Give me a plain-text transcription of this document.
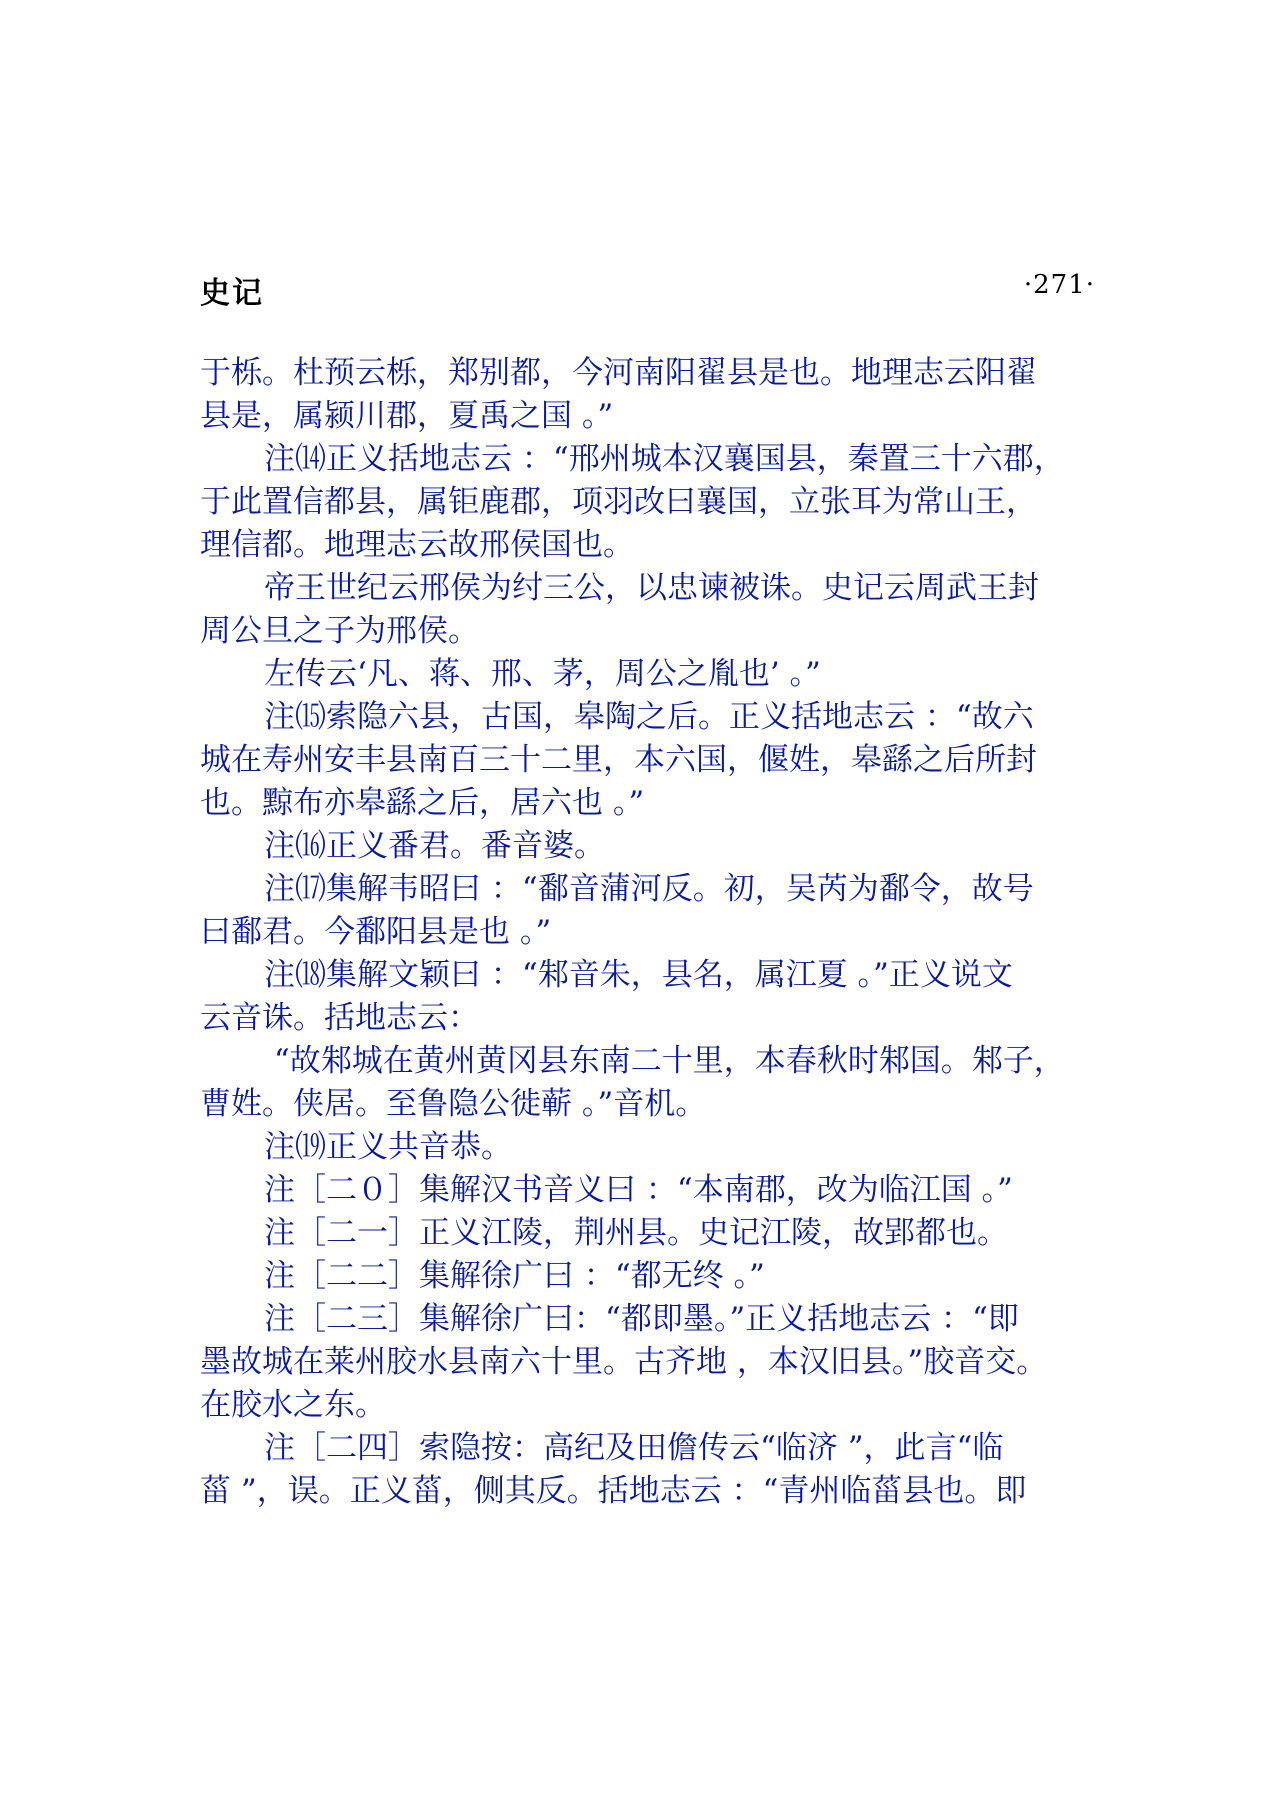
史记	·271·
于栎。杜预云栎，郑别都，今河南阳翟县是也。地理志云阳翟
县是，属颍川郡，夏禹之国 。”
注⒁正义括地志云 ：“邢州城本汉襄国县，秦置三十六郡，
于此置信都县，属钜鹿郡，项羽改曰襄国，立张耳为常山王，
理信都。地理志云故邢侯国也。
帝王世纪云邢侯为纣三公，以忠谏被诛。史记云周武王封
周公旦之子为邢侯。
左传云‘凡、蒋、邢、茅，周公之胤也’ 。”
注⒂索隐六县，古国，皋陶之后。正义括地志云 ：“故六
城在寿州安丰县南百三十二里，本六国，偃姓，皋繇之后所封
也。黥布亦皋繇之后，居六也 。”
注⒃正义番君。番音婆。
注⒄集解韦昭曰 ：“鄱音蒲河反。初，吴芮为鄱令，故号
曰鄱君。今鄱阳县是也 。”
注⒅集解文颖曰 ：“邾音朱，县名，属江夏 。”正义说文
云音诛。括地志云：
“故邾城在黄州黄冈县东南二十里，本春秋时邾国。邾子，
曹姓。侠居。至鲁隐公徙蕲 。”音机。
注⒆正义共音恭。
注［二０］集解汉书音义曰 ：“本南郡，改为临江国 。”
注［二一］正义江陵，荆州县。史记江陵，故郢都也。
注［二二］集解徐广曰 ：“都无终 。”
注［二三］集解徐广曰：“都即墨。”正义括地志云 ：“即
墨故城在莱州胶水县南六十里。古齐地 ，本汉旧县。”胶音交。
在胶水之东。
注［二四］索隐按：高纪及田儋传云“临济 ”，此言“临
菑 ”，误。正义菑，侧其反。括地志云 ：“青州临菑县也。即
